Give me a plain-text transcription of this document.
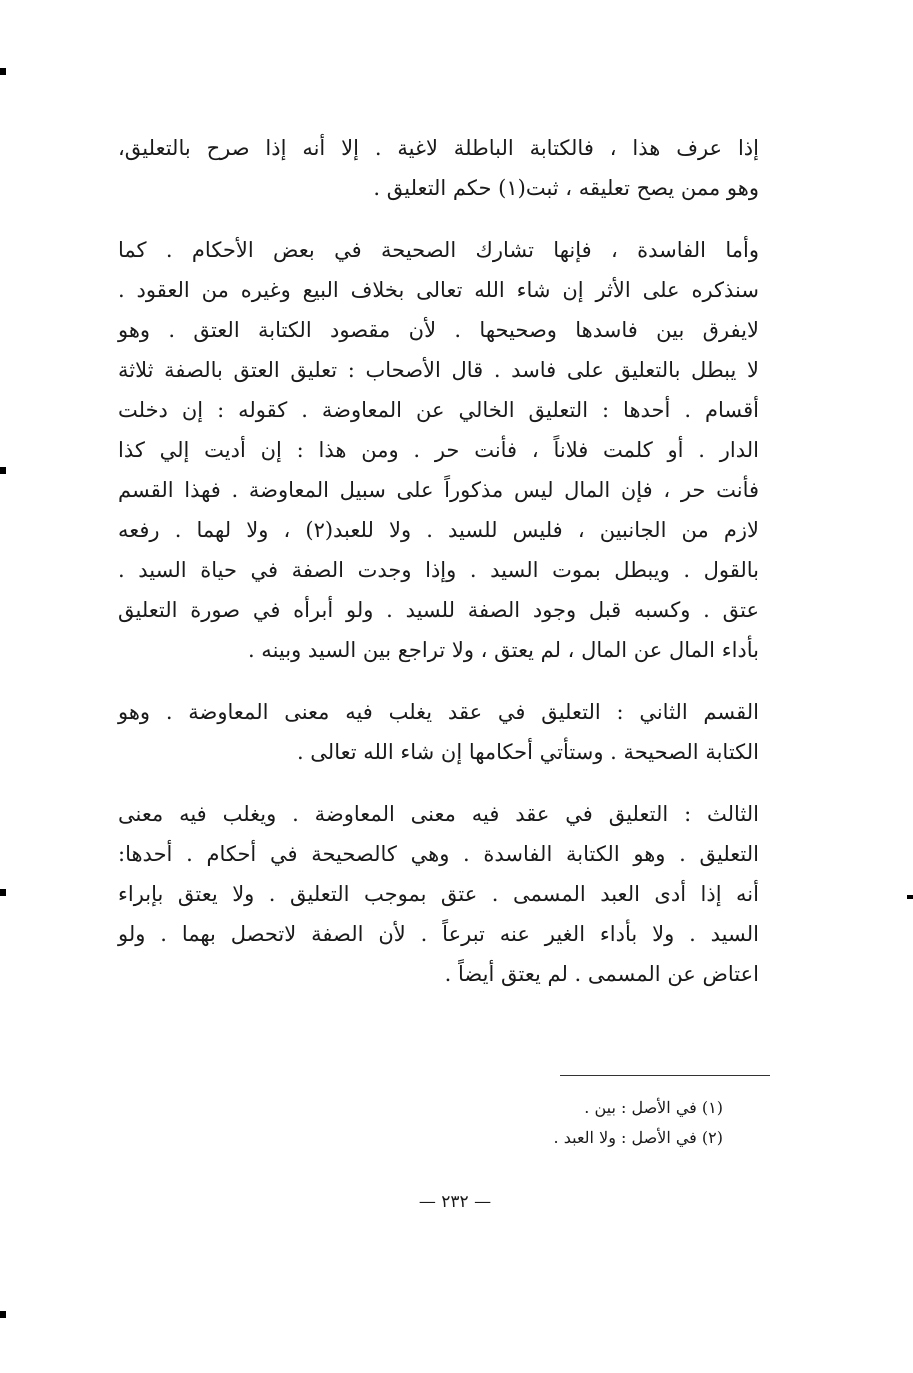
إذا عرف هذا ، فالكتابة الباطلة لاغية . إلا أنه إذا صرح بالتعليق،
وهو ممن يصح تعليقه ، ثبت(١) حكم التعليق .
وأما الفاسدة ، فإنها تشارك الصحيحة في بعض الأحكام . كما
سنذكره على الأثر إن شاء الله تعالى بخلاف البيع وغيره من العقود .
لايفرق بين فاسدها وصحيحها . لأن مقصود الكتابة العتق . وهو
لا يبطل بالتعليق على فاسد . قال الأصحاب : تعليق العتق بالصفة ثلاثة
أقسام . أحدها : التعليق الخالي عن المعاوضة . كقوله : إن دخلت
الدار . أو كلمت فلاناً ، فأنت حر . ومن هذا : إن أديت إلي كذا
فأنت حر ، فإن المال ليس مذكوراً على سبيل المعاوضة . فهذا القسم
لازم من الجانبين ، فليس للسيد . ولا للعبد(٢) ، ولا لهما . رفعه
بالقول . ويبطل بموت السيد . وإذا وجدت الصفة في حياة السيد .
عتق . وكسبه قبل وجود الصفة للسيد . ولو أبرأه في صورة التعليق
بأداء المال عن المال ، لم يعتق ، ولا تراجع بين السيد وبينه .
القسم الثاني : التعليق في عقد يغلب فيه معنى المعاوضة . وهو
الكتابة الصحيحة . وستأتي أحكامها إن شاء الله تعالى .
الثالث : التعليق في عقد فيه معنى المعاوضة . ويغلب فيه معنى
التعليق . وهو الكتابة الفاسدة . وهي كالصحيحة في أحكام . أحدها:
أنه إذا أدى العبد المسمى . عتق بموجب التعليق . ولا يعتق بإبراء
السيد . ولا بأداء الغير عنه تبرعاً . لأن الصفة لاتحصل بهما . ولو
اعتاض عن المسمى . لم يعتق أيضاً .
(١) في الأصل : بين .
(٢) في الأصل : ولا العبد .
— ٢٣٢ —
